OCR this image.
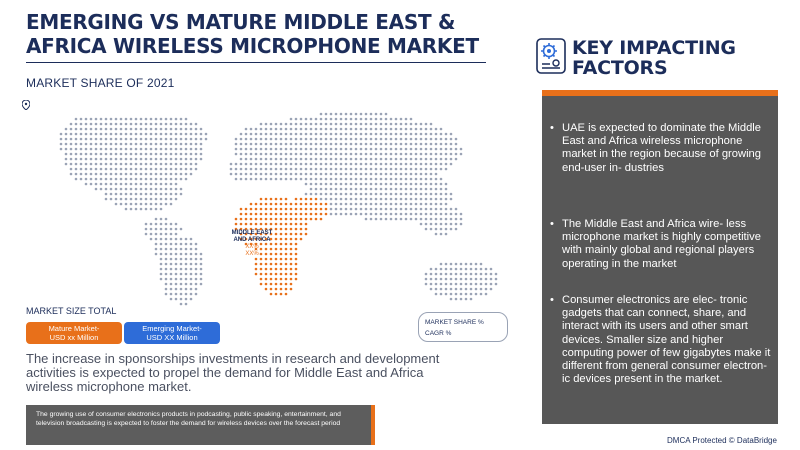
EMERGING VS MATURE MIDDLE EAST &
AFRICA WIRELESS MICROPHONE MARKET
MARKET SHARE OF 2021
MIDDLE EAST
AND AFRICA
XX%
XX%
MARKET SIZE TOTAL
Mature Market-
USD xx Million
Emerging Market-
USD XX Million
MARKET SHARE %
CAGR %
The increase in sponsorships investments in research and development activities is expected to propel the demand for Middle East and Africa wireless microphone market.
The growing use of consumer electronics products in podcasting, public speaking, entertainment, and television broadcasting is expected to foster the demand for wireless devices over the forecast period
KEY IMPACTING
FACTORS
• UAE is expected to dominate the Middle East and Africa wireless microphone market in the region because of growing end-user in- dustries
• The Middle East and Africa wire- less microphone market is highly competitive with mainly global and regional players operating in the market
• Consumer electronics are elec- tronic gadgets that can connect, share, and interact with its users and other smart devices. Smaller size and higher computing power of few gigabytes make it different from general consumer electron- ic devices present in the market.
DMCA Protected © DataBridge
